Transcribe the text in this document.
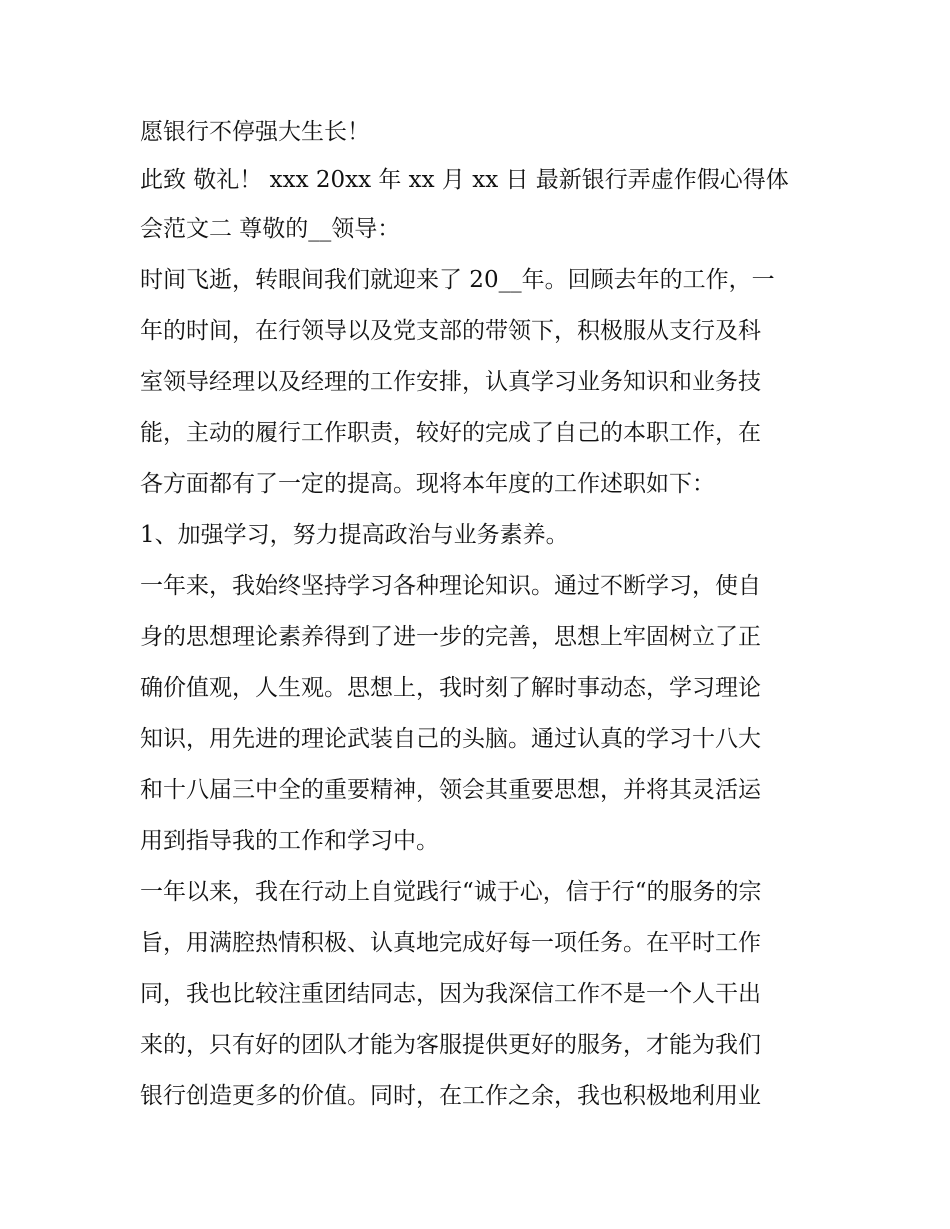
愿银行不停强大生长！
此致 敬礼！ xxx 20xx 年 xx 月 xx 日 最新银行弄虚作假心得体
会范文二 尊敬的__领导：
时间飞逝，转眼间我们就迎来了 20__年。回顾去年的工作，一
年的时间，在行领导以及党支部的带领下，积极服从支行及科
室领导经理以及经理的工作安排，认真学习业务知识和业务技
能，主动的履行工作职责，较好的完成了自己的本职工作，在
各方面都有了一定的提高。现将本年度的工作述职如下：
1、加强学习，努力提高政治与业务素养。
一年来，我始终坚持学习各种理论知识。通过不断学习，使自
身的思想理论素养得到了进一步的完善，思想上牢固树立了正
确价值观，人生观。思想上，我时刻了解时事动态，学习理论
知识，用先进的理论武装自己的头脑。通过认真的学习十八大
和十八届三中全的重要精神，领会其重要思想，并将其灵活运
用到指导我的工作和学习中。
一年以来，我在行动上自觉践行“诚于心，信于行“的服务的宗
旨，用满腔热情积极、认真地完成好每一项任务。在平时工作
同，我也比较注重团结同志，因为我深信工作不是一个人干出
来的，只有好的团队才能为客服提供更好的服务，才能为我们
银行创造更多的价值。同时，在工作之余，我也积极地利用业
